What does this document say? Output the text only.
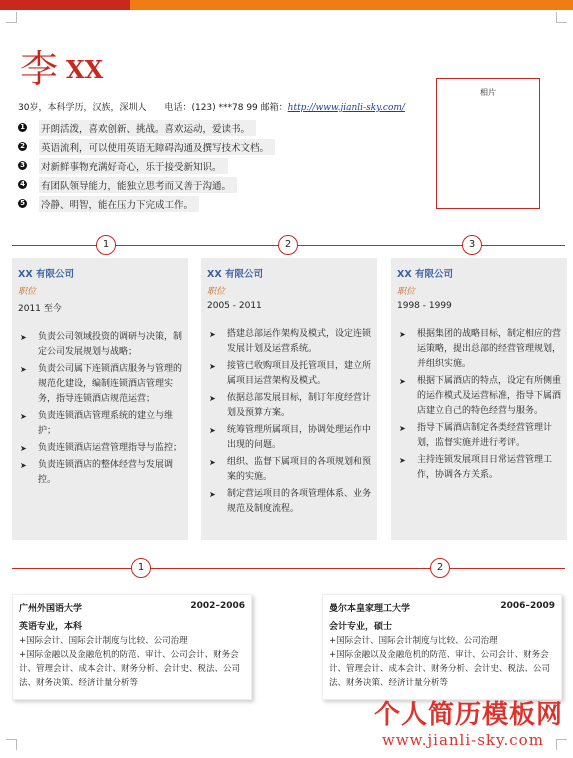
李XX
30岁，本科学历，汉族，深圳人　　电话：(123) ***78 99 邮箱：http://www.jianli-sky.com/
1 开朗活泼，喜欢创新、挑战。喜欢运动，爱读书。
2 英语流利，可以使用英语无障碍沟通及撰写技术文档。
3 对新鲜事物充满好奇心，乐于接受新知识。
4 有团队领导能力，能独立思考而又善于沟通。
5 冷静、明智，能在压力下完成工作。
相片
1	2	3
XX 有限公司
职位
2011 至今
➤ 负责公司领域投资的调研与决策，制定公司发展规划与战略；
➤ 负责公司属下连锁酒店服务与管理的规范化建设，编制连锁酒店管理实务，指导连锁酒店规范运营；
➤ 负责连锁酒店管理系统的建立与维护；
➤ 负责连锁酒店运营管理指导与监控；
➤ 负责连锁酒店的整体经营与发展调控。
XX 有限公司
职位
2005 - 2011
➤ 搭建总部运作架构及模式，设定连锁发展计划及运营系统。
➤ 接管已收购项目及托管项目，建立所属项目运营架构及模式。
➤ 依据总部发展目标，制订年度经营计划及预算方案。
➤ 统筹管理所属项目，协调处理运作中出现的问题。
➤ 组织、监督下属项目的各项规划和预案的实施。
➤ 制定营运项目的各项管理体系、业务规范及制度流程。
XX 有限公司
职位
1998 - 1999
➤ 根据集团的战略目标，制定相应的营运策略，提出总部的经营管理规划，并组织实施。
➤ 根据下属酒店的特点，设定有所侧重的运作模式及运营标准，指导下属酒店建立自己的特色经营与服务。
➤ 指导下属酒店制定各类经营管理计划，监督实施并进行考评。
➤ 主持连锁发展项目日常运营管理工作，协调各方关系。
1	2
广州外国语大学	2002–2006
英语专业，本科
+国际会计、国际会计制度与比较、公司治理
+国际金融以及金融危机的防范、审计、公司会计、财务会计、管理会计、成本会计、财务分析、会计史、税法、公司法、财务决策、经济计量分析等
曼尔本皇家理工大学	2006–2009
会计专业，硕士
+国际会计、国际会计制度与比较、公司治理
+国际金融以及金融危机的防范、审计、公司会计、财务会计、管理会计、成本会计、财务分析、会计史、税法、公司法、财务决策、经济计量分析等
个人简历模板网
www.jianli-sky.com
